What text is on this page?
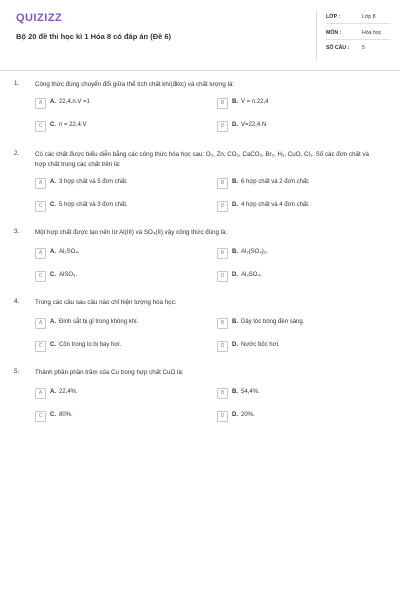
QUIZIZZ
Bộ 20 đề thi học kì 1 Hóa 8 có đáp án (Đề 6)
LỚP :	Lớp 8
MÔN :	Hóa học
SỐ CÂU : 5
1.	Công thức đúng chuyển đổi giữa thể tích chất khí(đktc) và chất lượng là:
A	A. 22,4.n.V =1	B	B. V = n.22,4
C	C. n = 22,4.V	D	D. V=22,4.N
2.	Có các chất được biểu diễn bằng các công thức hóa học sau: O₂, Zn, CO₂, CaCO₃, Br₂, H₂, CuO, Cl₂. Số các đơn chất và hợp chất trong các chất trên là:
A	A. 3 hợp chất và 5 đơn chất.	B	B. 6 hợp chất và 2 đơn chất.
C	C. 5 hợp chất và 3 đơn chất.	D	D. 4 hợp chất và 4 đơn chất.
3.	Một hợp chất được tạo nên từ Al(III) và SO₄(II) vậy công thức đúng là:
A	A. Al₂SO₄.	B	B. Al₂(SO₄)₃.
C	C. AlSO₄.	D	D. Al₃SO₄.
4.	Trong các câu sau câu nào chỉ hiện tượng hóa học:
A	A. Đinh sắt bị gỉ trong không khí.	B	B. Dây tóc bóng đèn sáng.
C	C. Cồn trong lọ bị bay hơi.	D	D. Nước bốc hơi.
5.	Thành phần phần trăm của Cu trong hợp chất CuO là:
A	A. 22,4%.	B	B. 54,4%.
C	C. 80%.	D	D. 20%.
